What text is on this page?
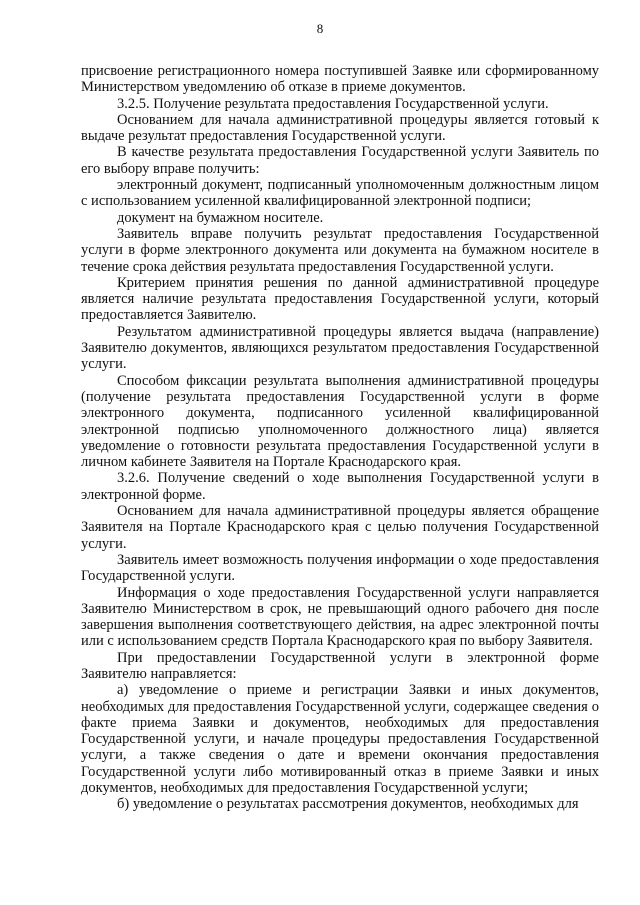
8

присвоение регистрационного номера поступившей Заявке или сформированному Министерством уведомлению об отказе в приеме документов.

3.2.5. Получение результата предоставления Государственной услуги.

Основанием для начала административной процедуры является готовый к выдаче результат предоставления Государственной услуги.

В качестве результата предоставления Государственной услуги Заявитель по его выбору вправе получить:

электронный документ, подписанный уполномоченным должностным лицом с использованием усиленной квалифицированной электронной подписи;

документ на бумажном носителе.

Заявитель вправе получить результат предоставления Государственной услуги в форме электронного документа или документа на бумажном носителе в течение срока действия результата предоставления Государственной услуги.

Критерием принятия решения по данной административной процедуре является наличие результата предоставления Государственной услуги, который предоставляется Заявителю.

Результатом административной процедуры является выдача (направление) Заявителю документов, являющихся результатом предоставления Государственной услуги.

Способом фиксации результата выполнения административной процедуры (получение результата предоставления Государственной услуги в форме электронного документа, подписанного усиленной квалифицированной электронной подписью уполномоченного должностного лица) является уведомление о готовности результата предоставления Государственной услуги в личном кабинете Заявителя на Портале Краснодарского края.

3.2.6. Получение сведений о ходе выполнения Государственной услуги в электронной форме.

Основанием для начала административной процедуры является обращение Заявителя на Портале Краснодарского края с целью получения Государственной услуги.

Заявитель имеет возможность получения информации о ходе предоставления Государственной услуги.

Информация о ходе предоставления Государственной услуги направляется Заявителю Министерством в срок, не превышающий одного рабочего дня после завершения выполнения соответствующего действия, на адрес электронной почты или с использованием средств Портала Краснодарского края по выбору Заявителя.

При предоставлении Государственной услуги в электронной форме Заявителю направляется:

а) уведомление о приеме и регистрации Заявки и иных документов, необходимых для предоставления Государственной услуги, содержащее сведения о факте приема Заявки и документов, необходимых для предоставления Государственной услуги, и начале процедуры предоставления Государственной услуги, а также сведения о дате и времени окончания предоставления Государственной услуги либо мотивированный отказ в приеме Заявки и иных документов, необходимых для предоставления Государственной услуги;

б) уведомление о результатах рассмотрения документов, необходимых для
